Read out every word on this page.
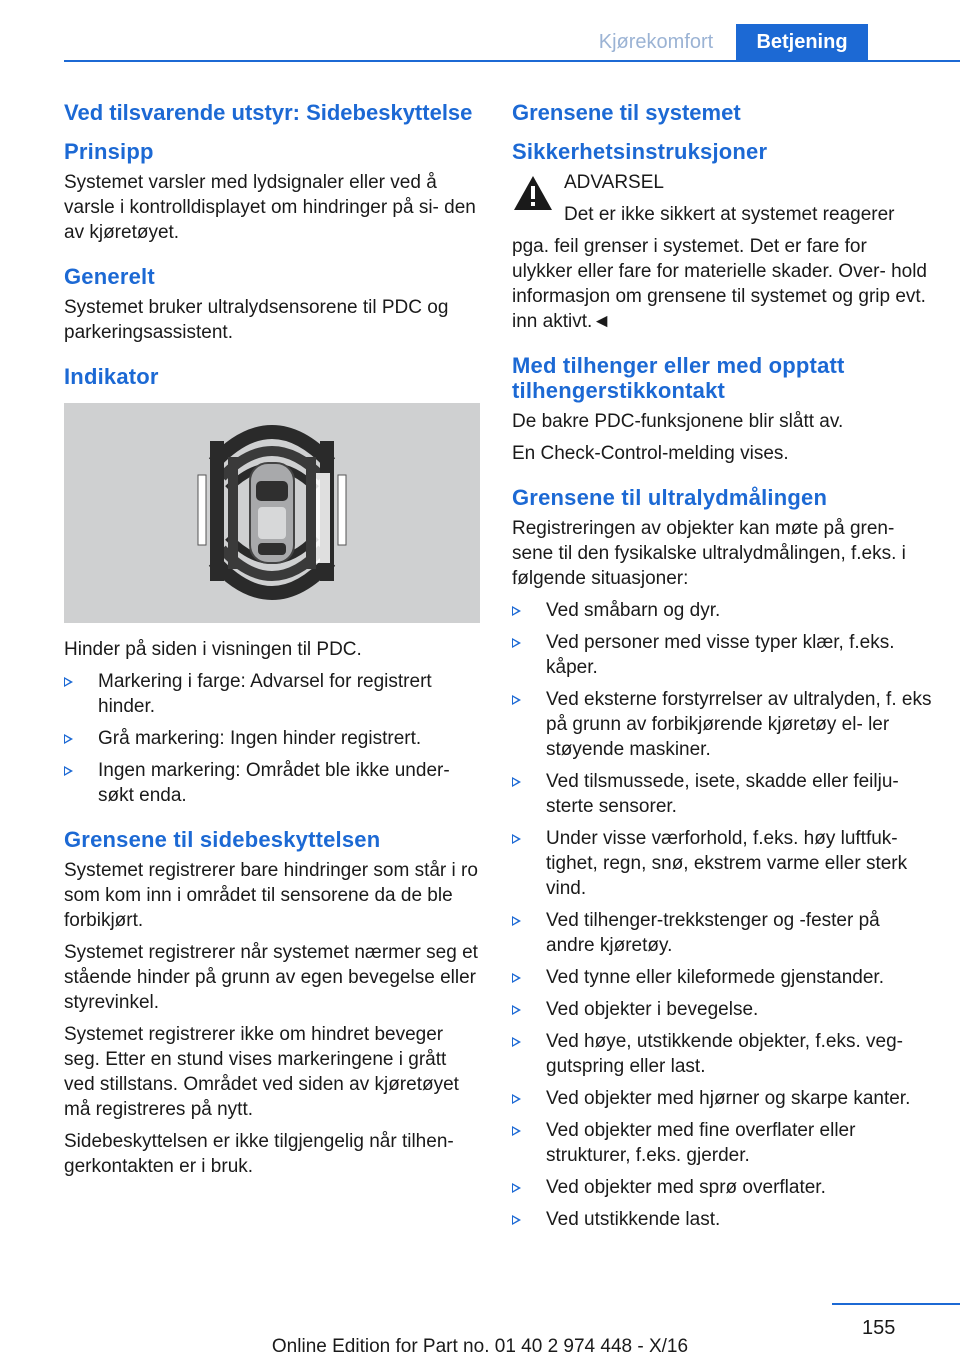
Kjørekomfort	Betjening
Ved tilsvarende utstyr: Sidebeskyttelse
Prinsipp
Systemet varsler med lydsignaler eller ved å varsle i kontrolldisplayet om hindringer på si- den av kjøretøyet.
Generelt
Systemet bruker ultralydsensorene til PDC og parkeringsassistent.
Indikator
Hinder på siden i visningen til PDC.
Markering i farge: Advarsel for registrert hinder.
Grå markering: Ingen hinder registrert.
Ingen markering: Området ble ikke under- søkt enda.
Grensene til sidebeskyttelsen
Systemet registrerer bare hindringer som står i ro som kom inn i området til sensorene da de ble forbikjørt.
Systemet registrerer når systemet nærmer seg et stående hinder på grunn av egen bevegelse eller styrevinkel.
Systemet registrerer ikke om hindret beveger seg. Etter en stund vises markeringene i grått ved stillstans. Området ved siden av kjøretøyet må registreres på nytt.
Sidebeskyttelsen er ikke tilgjengelig når tilhen- gerkontakten er i bruk.
Grensene til systemet
Sikkerhetsinstruksjoner
ADVARSEL
Det er ikke sikkert at systemet reagerer
pga. feil grenser i systemet. Det er fare for ulykker eller fare for materielle skader. Over- hold informasjon om grensene til systemet og grip evt. inn aktivt.◄
Med tilhenger eller med opptatt tilhengerstikkontakt
De bakre PDC-funksjonene blir slått av.
En Check-Control-melding vises.
Grensene til ultralydmålingen
Registreringen av objekter kan møte på gren- sene til den fysikalske ultralydmålingen, f.eks. i følgende situasjoner:
Ved småbarn og dyr.
Ved personer med visse typer klær, f.eks. kåper.
Ved eksterne forstyrrelser av ultralyden, f. eks på grunn av forbikjørende kjøretøy el- ler støyende maskiner.
Ved tilsmussede, isete, skadde eller feilju- sterte sensorer.
Under visse værforhold, f.eks. høy luftfuk- tighet, regn, snø, ekstrem varme eller sterk vind.
Ved tilhenger-trekkstenger og -fester på andre kjøretøy.
Ved tynne eller kileformede gjenstander.
Ved objekter i bevegelse.
Ved høye, utstikkende objekter, f.eks. veg- gutspring eller last.
Ved objekter med hjørner og skarpe kanter.
Ved objekter med fine overflater eller strukturer, f.eks. gjerder.
Ved objekter med sprø overflater.
Ved utstikkende last.
155
Online Edition for Part no. 01 40 2 974 448 - X/16
